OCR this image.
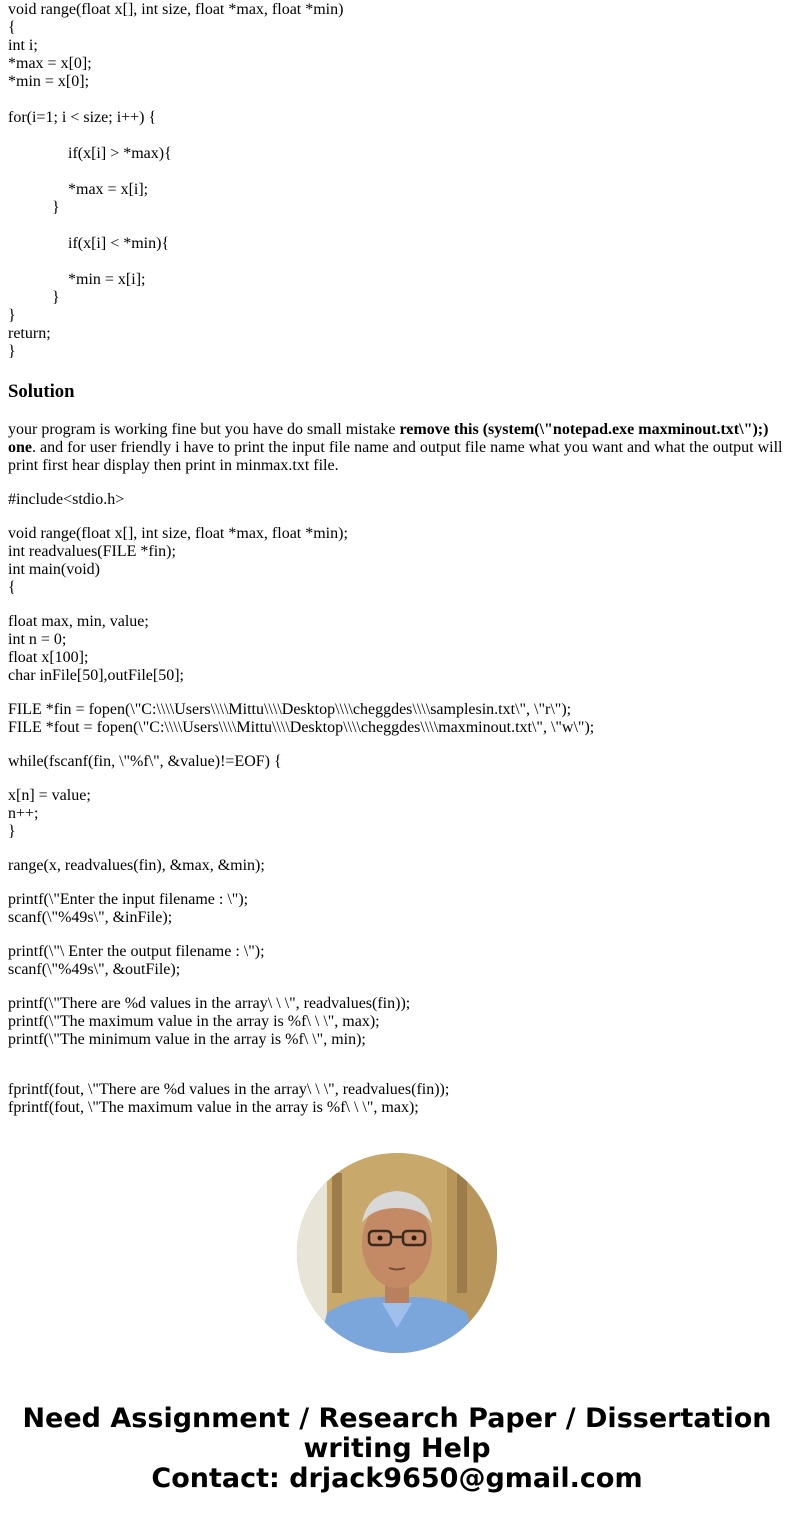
void range(float x[], int size, float *max, float *min)
{
int i;
*max = x[0];
*min = x[0];
for(i=1; i < size; i++) {
if(x[i] > *max){
*max = x[i];
}
if(x[i] < *min){
*min = x[i];
}
}
return;
}
Solution

your program is working fine but you have do small mistake remove this (system(\"notepad.exe maxminout.txt\");) one. and for user friendly i have to print the input file name and output file name what you want and what the output will print first hear display then print in minmax.txt file.

#include<stdio.h>
void range(float x[], int size, float *max, float *min);
int readvalues(FILE *fin);
int main(void)
{
float max, min, value;
int n = 0;
float x[100];
char inFile[50],outFile[50];
FILE *fin = fopen(\"C:\\\\Users\\\\Mittu\\\\Desktop\\\\cheggdes\\\\samplesin.txt\", \"r\");
FILE *fout = fopen(\"C:\\\\Users\\\\Mittu\\\\Desktop\\\\cheggdes\\\\maxminout.txt\", \"w\");
while(fscanf(fin, \"%f\", &value)!=EOF) {
x[n] = value;
n++;
}
range(x, readvalues(fin), &max, &min);
printf(\"Enter the input filename : \");
scanf(\"%49s\", &inFile);
printf(\"\ Enter the output filename : \");
scanf(\"%49s\", &outFile);
printf(\"There are %d values in the array\ \ \", readvalues(fin));
printf(\"The maximum value in the array is %f\ \ \", max);
printf(\"The minimum value in the array is %f\ \", min);
fprintf(fout, \"There are %d values in the array\ \ \", readvalues(fin));
fprintf(fout, \"The maximum value in the array is %f\ \ \", max);
Need Assignment / Research Paper / Dissertation
writing Help
Contact: drjack9650@gmail.com
